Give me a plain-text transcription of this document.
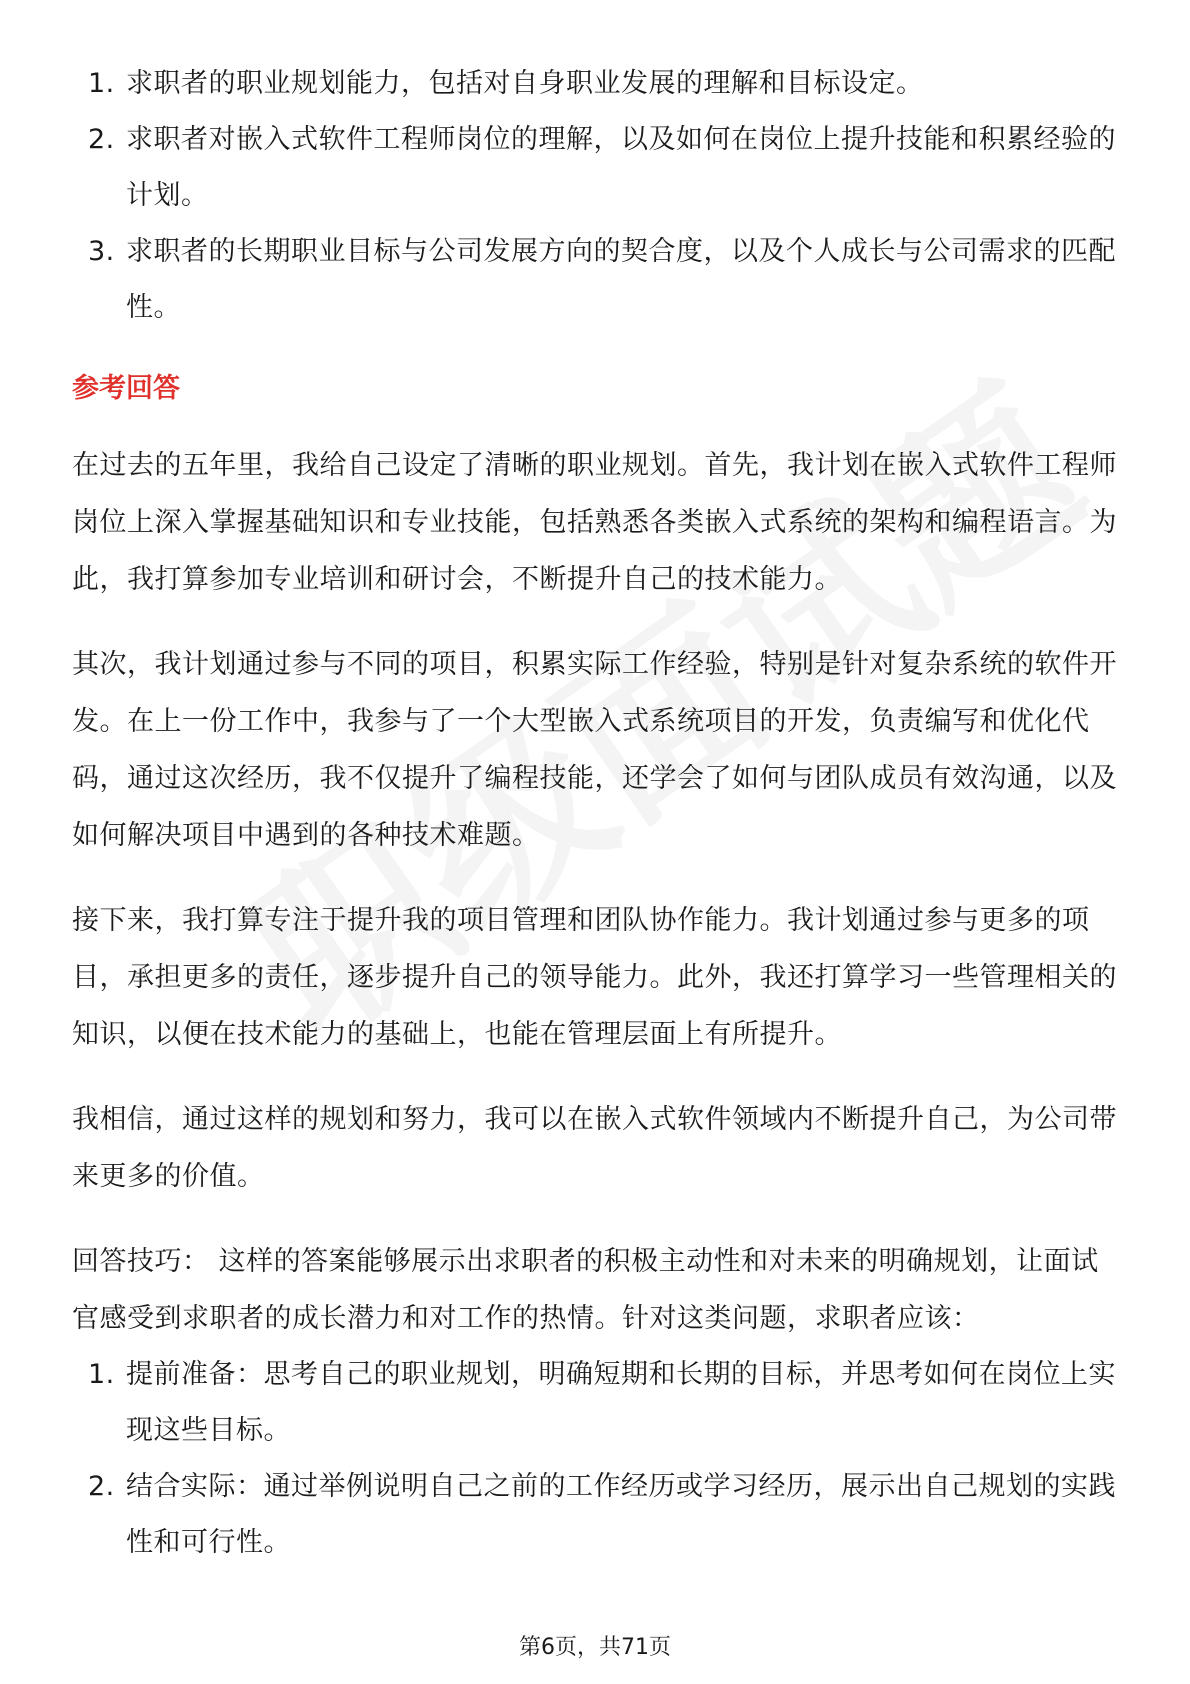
1. 求职者的职业规划能力，包括对自身职业发展的理解和目标设定。
2. 求职者对嵌入式软件工程师岗位的理解，以及如何在岗位上提升技能和积累经验的计划。
3. 求职者的长期职业目标与公司发展方向的契合度，以及个人成长与公司需求的匹配性。
参考回答

在过去的五年里，我给自己设定了清晰的职业规划。首先，我计划在嵌入式软件工程师岗位上深入掌握基础知识和专业技能，包括熟悉各类嵌入式系统的架构和编程语言。为此，我打算参加专业培训和研讨会，不断提升自己的技术能力。

其次，我计划通过参与不同的项目，积累实际工作经验，特别是针对复杂系统的软件开发。在上一份工作中，我参与了一个大型嵌入式系统项目的开发，负责编写和优化代码，通过这次经历，我不仅提升了编程技能，还学会了如何与团队成员有效沟通，以及如何解决项目中遇到的各种技术难题。

接下来，我打算专注于提升我的项目管理和团队协作能力。我计划通过参与更多的项目，承担更多的责任，逐步提升自己的领导能力。此外，我还打算学习一些管理相关的知识，以便在技术能力的基础上，也能在管理层面上有所提升。

我相信，通过这样的规划和努力，我可以在嵌入式软件领域内不断提升自己，为公司带来更多的价值。

回答技巧： 这样的答案能够展示出求职者的积极主动性和对未来的明确规划，让面试官感受到求职者的成长潜力和对工作的热情。针对这类问题，求职者应该：

1. 提前准备：思考自己的职业规划，明确短期和长期的目标，并思考如何在岗位上实现这些目标。
2. 结合实际：通过举例说明自己之前的工作经历或学习经历，展示出自己规划的实践性和可行性。
第6页，共71页
